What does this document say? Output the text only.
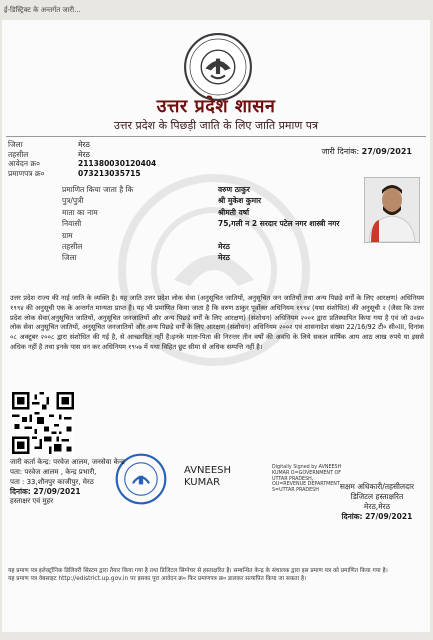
ई-डिस्ट्रिक्ट के अन्तर्गत जारी...
उत्तर प्रदेश शासन
उत्तर प्रदेश के पिछड़ी जाति के लिए जाति प्रमाण पत्र
जिला	मेरठ
तहसील	मेरठ
आवेदन क्र०	211380030120404
प्रमाणपत्र क्र०	073213035715
जारी दिनांक: 27/09/2021
प्रमाणित किया जाता है कि	वरुण ठाकुर
पुत्र/पुत्री	श्री मुकेश कुमार
माता का नाम	श्रीमती वर्षा
निवासी	75,गली न 2 सरदार पटेल नगर शास्त्री नगर
ग्राम
तहसील	मेरठ
जिला	मेरठ
उत्तर प्रदेश राज्य की नाई जाति के व्यक्ति है। यह जाति उत्तर प्रदेश लोक सेवा (अनुसूचित जातियों, अनुसूचित जन जातियों तथा अन्य पिछड़े वर्गों के लिए आरक्षण) अधिनियम १९९४ की अनुसूची एक के अन्तर्गत मान्यता प्राप्त है। यह भी प्रमाणित किया जाता है कि वरुण ठाकुर पूर्वोक्त अधिनियम १९९४ (यथा संशोधित) की अनुसूची २ (जैसा कि उत्तर प्रदेश लोक सेवा(अनुसूचित जातियों, अनुसूचित जनजातियों और अन्य पिछड़े वर्गों के लिए आरक्षण) (संशोधन) अधिनियम २००१ द्वारा प्रतिस्थापित किया गया है एवं जो उ०प्र० लोक सेवा अनुसूचित जातियों, अनुसूचित जनजातियों और अन्य पिछड़े वर्गों के लिए आरक्षण (संशोधन) अधिनियम २००२ एवं शासनादेश संख्या 22/16/92 टी० सी०III, दिनांक ०८ अक्टूबर २००८ द्वारा संशोधित की गई है, से आच्छादित नहीं है।इनके माता-पिता की निरन्तर तीन वर्षों की अवधि के लिये सकल वार्षिक आय आठ लाख रुपये या इससे अधिक नहीं है तथा इनके पास धन कर अधिनियम १९५७ में यथा विहित छूट सीमा से अधिक सम्पत्ति नहीं है।
जारी कर्ता केन्द्र: परवेज आलम, जनसेवा केन्द्र
पता: परवेज आलम , केन्द्र प्रभारी,
पता : 33,शौनपुर काजीपुर, मेरठ
दिनांक: 27/09/2021
हस्ताक्षर एवं मुहर
AVNEESH
KUMAR
Digitally Signed by AVNEESH KUMAR O=GOVERNMENT OF UTTAR PRADESH, OU=REVENUE DEPARTMENT, S=UTTAR PRADESH	सक्षम अधिकारी/तहसीलदार
डिजिटल हस्ताक्षरित
मेरठ,मेरठ
दिनांक: 27/09/2021
यह प्रमाण पत्र इलेक्ट्रॉनिक डिलिवरी सिस्टम द्वारा तैयार किया गया है तथा डिजिटल सिग्नेचर से हस्ताक्षरित है। सम्बन्धित केन्द्र के संचालक द्वारा इस प्रमाण पत्र को प्रमाणित किया गया है।
यह प्रमाण पत्र वेबसाइट http://edistrict.up.gov.in पर इसका पूरा आवेदन क्र० फिर प्रमाणपत्र क्र० डालकर सत्यापित किया जा सकता है।
